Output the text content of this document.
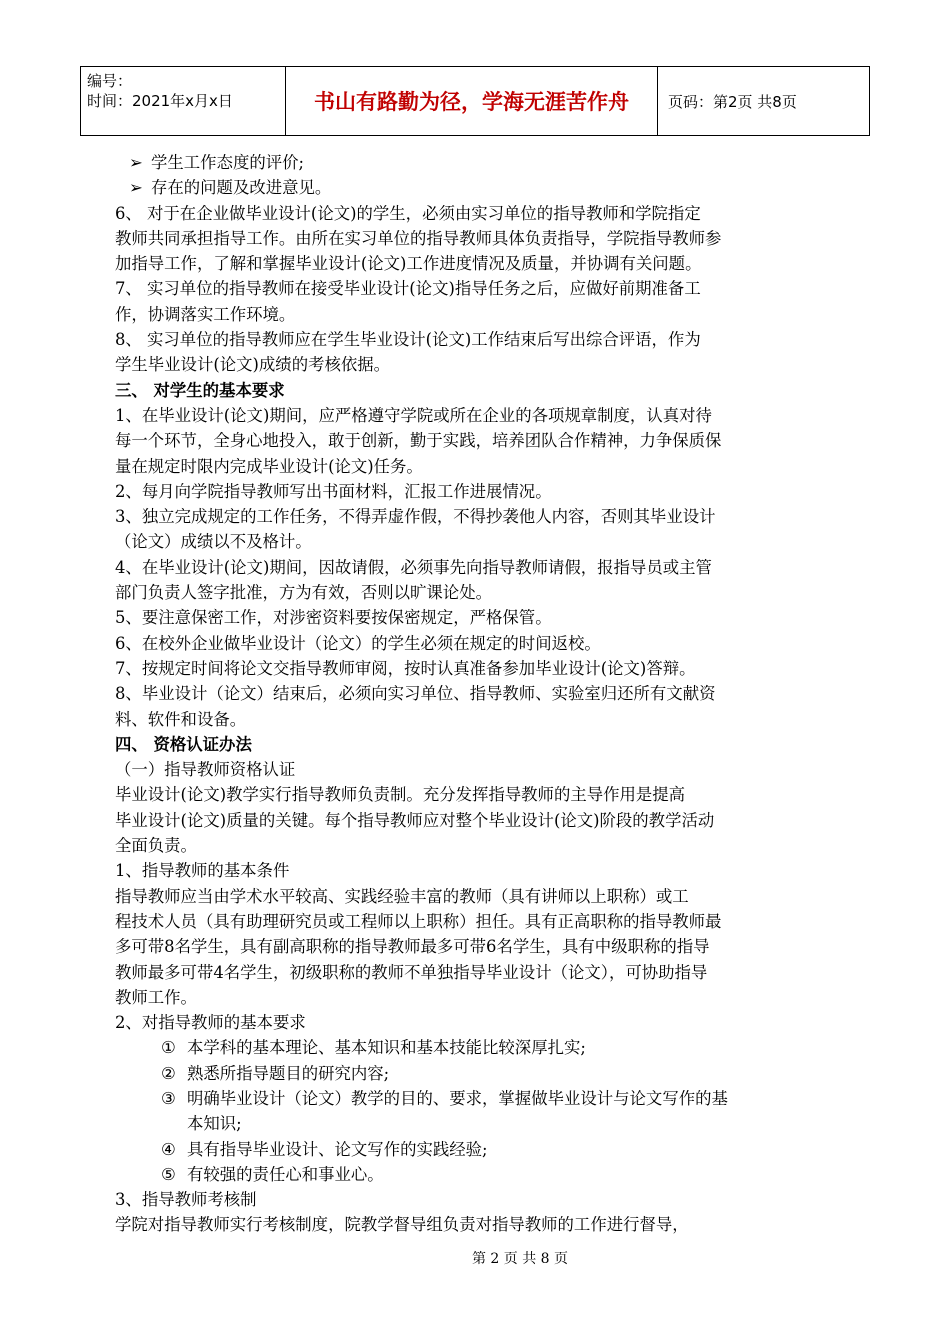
编号：
时间：2021年x月x日	书山有路勤为径，学海无涯苦作舟	页码：第2页 共8页
➢ 学生工作态度的评价;
➢ 存在的问题及改进意见。
6、 对于在企业做毕业设计(论文)的学生，必须由实习单位的指导教师和学院指定
教师共同承担指导工作。由所在实习单位的指导教师具体负责指导，学院指导教师参
加指导工作，了解和掌握毕业设计(论文)工作进度情况及质量，并协调有关问题。
7、 实习单位的指导教师在接受毕业设计(论文)指导任务之后，应做好前期准备工
作，协调落实工作环境。
8、 实习单位的指导教师应在学生毕业设计(论文)工作结束后写出综合评语，作为
学生毕业设计(论文)成绩的考核依据。
三、 对学生的基本要求
1、在毕业设计(论文)期间，应严格遵守学院或所在企业的各项规章制度，认真对待
每一个环节，全身心地投入，敢于创新，勤于实践，培养团队合作精神，力争保质保
量在规定时限内完成毕业设计(论文)任务。
2、每月向学院指导教师写出书面材料，汇报工作进展情况。
3、独立完成规定的工作任务，不得弄虚作假，不得抄袭他人内容，否则其毕业设计
（论文）成绩以不及格计。
4、在毕业设计(论文)期间，因故请假，必须事先向指导教师请假，报指导员或主管
部门负责人签字批准，方为有效，否则以旷课论处。
5、要注意保密工作，对涉密资料要按保密规定，严格保管。
6、在校外企业做毕业设计（论文）的学生必须在规定的时间返校。
7、按规定时间将论文交指导教师审阅，按时认真准备参加毕业设计(论文)答辩。
8、毕业设计（论文）结束后，必须向实习单位、指导教师、实验室归还所有文献资
料、软件和设备。
四、 资格认证办法
（一）指导教师资格认证
毕业设计(论文)教学实行指导教师负责制。充分发挥指导教师的主导作用是提高
毕业设计(论文)质量的关键。每个指导教师应对整个毕业设计(论文)阶段的教学活动
全面负责。
1、指导教师的基本条件
指导教师应当由学术水平较高、实践经验丰富的教师（具有讲师以上职称）或工
程技术人员（具有助理研究员或工程师以上职称）担任。具有正高职称的指导教师最
多可带8名学生，具有副高职称的指导教师最多可带6名学生，具有中级职称的指导
教师最多可带4名学生，初级职称的教师不单独指导毕业设计（论文），可协助指导
教师工作。
2、对指导教师的基本要求
① 本学科的基本理论、基本知识和基本技能比较深厚扎实;
② 熟悉所指导题目的研究内容;
③ 明确毕业设计（论文）教学的目的、要求，掌握做毕业设计与论文写作的基
本知识;
④ 具有指导毕业设计、论文写作的实践经验;
⑤ 有较强的责任心和事业心。
3、指导教师考核制
学院对指导教师实行考核制度，院教学督导组负责对指导教师的工作进行督导，
第 2 页 共 8 页
